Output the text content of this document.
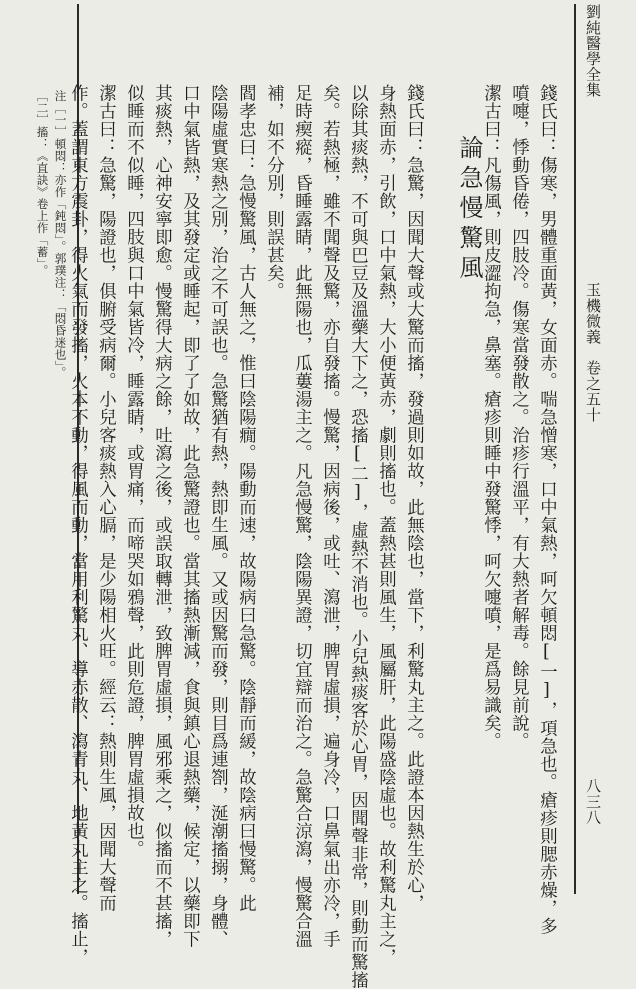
劉純醫學全集
玉機微義　卷之五十
八三八
錢氏曰：傷寒，男體重面黃，女面赤。喘急憎寒，口中氣熱，呵欠頓悶[一]，項急也。瘡疹則腮赤燥，多
噴嚏，悸動昏倦，四肢冷。傷寒當發散之。治疹行溫平，有大熱者解毒。餘見前說。
潔古曰：凡傷風，則皮澀拘急，鼻塞。瘡疹則睡中發驚悸，呵欠嚏噴，是爲易識矣。
論急慢驚風
錢氏曰：急驚，因聞大聲或大驚而搐，發過則如故，此無陰也，當下，利驚丸主之。此證本因熱生於心，
身熱面赤，引飲，口中氣熱，大小便黃赤，劇則搐也。蓋熱甚則風生，風屬肝，此陽盛陰虛也。故利驚丸主之，
以除其痰熱，不可與巴豆及溫藥大下之，恐搐[二]，虛熱不消也。小兒熱痰客於心胃，因聞聲非常，則動而驚搐
矣。若熱極，雖不聞聲及驚，亦自發搐。慢驚，因病後，或吐、瀉泄，脾胃虛損，遍身冷，口鼻氣出亦冷，手
足時瘈瘲，昏睡露睛，此無陽也，瓜蔞湯主之。凡急慢驚，陰陽異證，切宜辯而治之。急驚合涼瀉，慢驚合溫
補，如不分別，則誤甚矣。
閻孝忠曰：急慢驚風，古人無之，惟曰陰陽癇。陽動而速，故陽病曰急驚。陰靜而緩，故陰病曰慢驚。此
陰陽虛實寒熱之別，治之不可誤也。急驚猶有熱，熱即生風。又或因驚而發，則目爲連劄，涎潮搐搦，身體、
口中氣皆熱，及其發定或睡起，即了了如故，此急驚證也。當其搐熱漸減，食與鎮心退熱藥，候定，以藥即下
其痰熱，心神安寧即愈。慢驚得大病之餘，吐瀉之後，或誤取轉泄，致脾胃虛損，風邪乘之，似搐而不甚搐，
似睡而不似睡，四肢與口中氣皆冷，睡露睛，或胃痛，而啼哭如鴉聲，此則危證，脾胃虛損故也。
潔古曰：急驚，陽證也，俱腑受病爾。小兒客痰熱入心膈，是少陽相火旺。經云：熱則生風，因聞大聲而
作。蓋謂東方震卦，得火氣而發搐，火本不動，得風而動，當用利驚丸、導赤散、瀉青丸、地黃丸主之。搐止，
注［一］頓悶：亦作「鈍悶」。郭璞注：「悶昏迷也」。
［二］搐：《直訣》卷上作「蓄」。
